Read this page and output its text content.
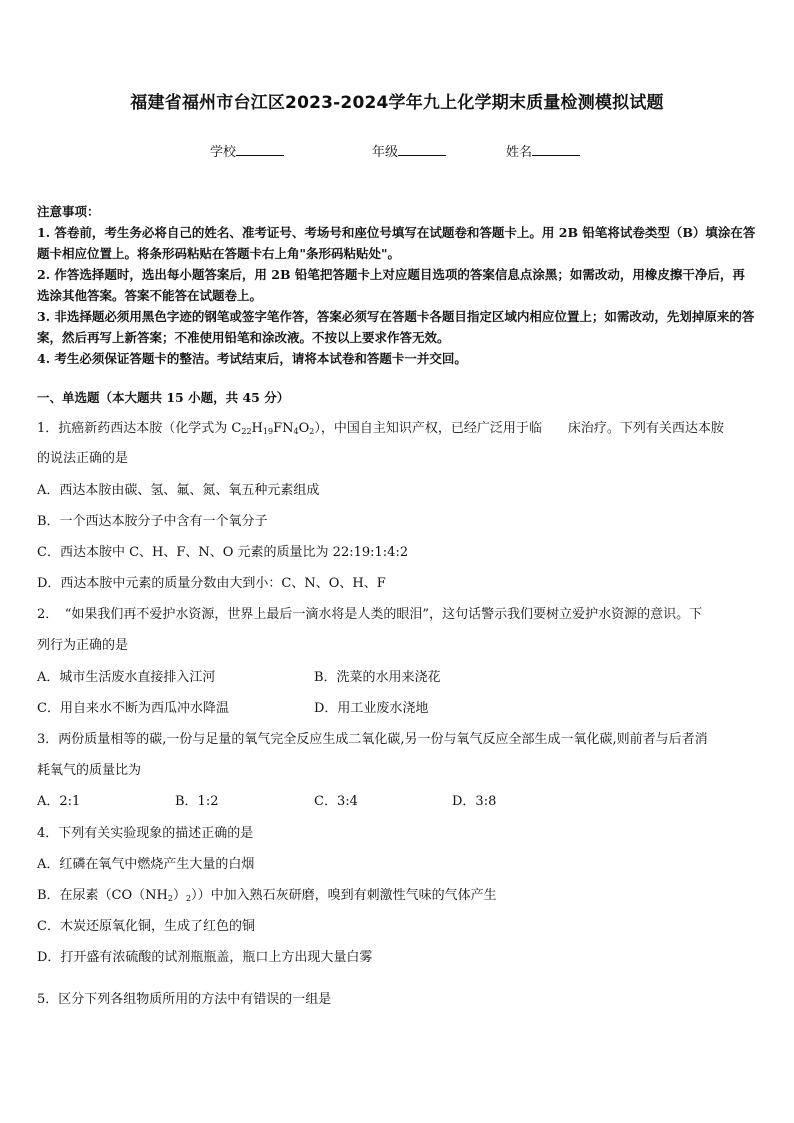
福建省福州市台江区2023-2024学年九上化学期末质量检测模拟试题
学校	年级	姓名

注意事项：

1. 答卷前，考生务必将自己的姓名、准考证号、考场号和座位号填写在试题卷和答题卡上。用 2B 铅笔将试卷类型（B）填涂在答题卡相应位置上。将条形码粘贴在答题卡右上角"条形码粘贴处"。

2. 作答选择题时，选出每小题答案后，用 2B 铅笔把答题卡上对应题目选项的答案信息点涂黑；如需改动，用橡皮擦干净后，再选涂其他答案。答案不能答在试题卷上。

3. 非选择题必须用黑色字迹的钢笔或签字笔作答，答案必须写在答题卡各题目指定区域内相应位置上；如需改动，先划掉原来的答案，然后再写上新答案；不准使用铅笔和涂改液。不按以上要求作答无效。

4. 考生必须保证答题卡的整洁。考试结束后，请将本试卷和答题卡一并交回。

一、单选题（本大题共 15 小题，共 45 分）
1．抗癌新药西达本胺（化学式为 $C_{22}H_{19}FN_4O_2$），中国自主知识产权，已经广泛用于临　　床治疗。下列有关西达本胺
的说法正确的是
A．西达本胺由碳、氢、氟、氮、氧五种元素组成
B．一个西达本胺分子中含有一个氧分子
C．西达本胺中 C、H、F、N、O 元素的质量比为 22:19:1:4:2
D．西达本胺中元素的质量分数由大到小：C、N、O、H、F
2．　“如果我们再不爱护水资源，世界上最后一滴水将是人类的眼泪”，这句话警示我们要树立爱护水资源的意识。下
列行为正确的是
A．城市生活废水直接排入江河	B．洗菜的水用来浇花
C．用自来水不断为西瓜冲水降温	D．用工业废水浇地
3．两份质量相等的碳,一份与足量的氧气完全反应生成二氧化碳,另一份与氧气反应全部生成一氧化碳,则前者与后者消
耗氧气的质量比为
A．2:1	B．1:2	C．3:4	D．3:8
4．下列有关实验现象的描述正确的是
A．红磷在氧气中燃烧产生大量的白烟
B．在尿素$(CO(NH_2)_2)$）中加入熟石灰研磨，嗅到有刺激性气味的气体产生
C．木炭还原氧化铜，生成了红色的铜
D．打开盛有浓硫酸的试剂瓶瓶盖，瓶口上方出现大量白雾
5．区分下列各组物质所用的方法中有错误的一组是
